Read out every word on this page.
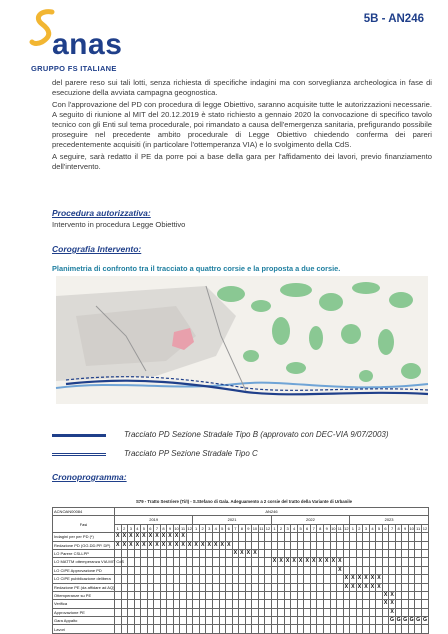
anas
GRUPPO FS ITALIANE
5B - AN246

del parere reso sui tali lotti, senza richiesta di specifiche indagini ma con sorveglianza archeologica in fase di esecuzione della avviata campagna geognostica.

Con l'approvazione del PD con procedura di legge Obiettivo, saranno acquisite tutte le autorizzazioni necessarie. A seguito di riunione al MIT del 20.12.2019 è stato richiesto a gennaio 2020 la convocazione di specifico tavolo tecnico con gli Enti sul tema procedurale, poi rimandato a causa dell'emergenza sanitaria, prefigurando possibile proseguire nel precedente ambito procedurale di Legge Obiettivo chiedendo conferma dei pareri precedentemente acquisiti (in particolare l'ottemperanza VIA) e lo svolgimento della CdS.

A seguire, sarà redatto il PE da porre poi a base della gara per l'affidamento dei lavori, previo finanziamento dell'intervento.

Procedura autorizzativa:
Intervento in procedura Legge Obiettivo
Corografia Intervento:
Planimetria di confronto tra il tracciato a quattro corsie e la proposta a due corsie.
Tracciato PD Sezione Stradale Tipo B (approvato con DEC-VIA 9/07/2003)
Tracciato PP Sezione Stradale Tipo C
Cronoprogramma:
S79 - Tratto Sestriere (Ti/I) - S.Stefano di Gala. Adeguamento a 2 corsie del tratto della Variante di Urbanile
ACNOAN00084	AN246																																															
Fasi	2019												2021												2022												2023											
	1	2	3	4	5	6	7	8	9	10	11	12	1	2	3	4	5	6	7	8	9	10	11	12	1	2	3	4	5	6	7	8	9	10	11	12	1	2	3	4	5	6	7	8	9	10	11	12
Indagini per per PD (*)	X	X	X	X	X	X	X	X	X	X	X																																					
Redazione PD (GG.DD.PP. DP)	X	X	X	X	X	X	X	X	X	X	X	X	X	X	X	X	X	X																														
LO Parere CSLLPP																			X	X	X	X																										
LO MATTM ottemperanza VIA MIT CdS																									X	X	X	X	X	X	X	X	X	X	X													
LO CIPE Approvazione PD																																			X													
LO CIPE pubblicazione delibera																																				X	X	X	X	X	X							
Redazione PE (da affidare ad AQ)																																				X	X	X	X	X	X							
Ottemperanze su PE																																										X	X					
Verifica																																										X	X					
Approvazione PE																																											X					
Gara Appalto																																											G	G	G	G	G	G
Lavori																																																
